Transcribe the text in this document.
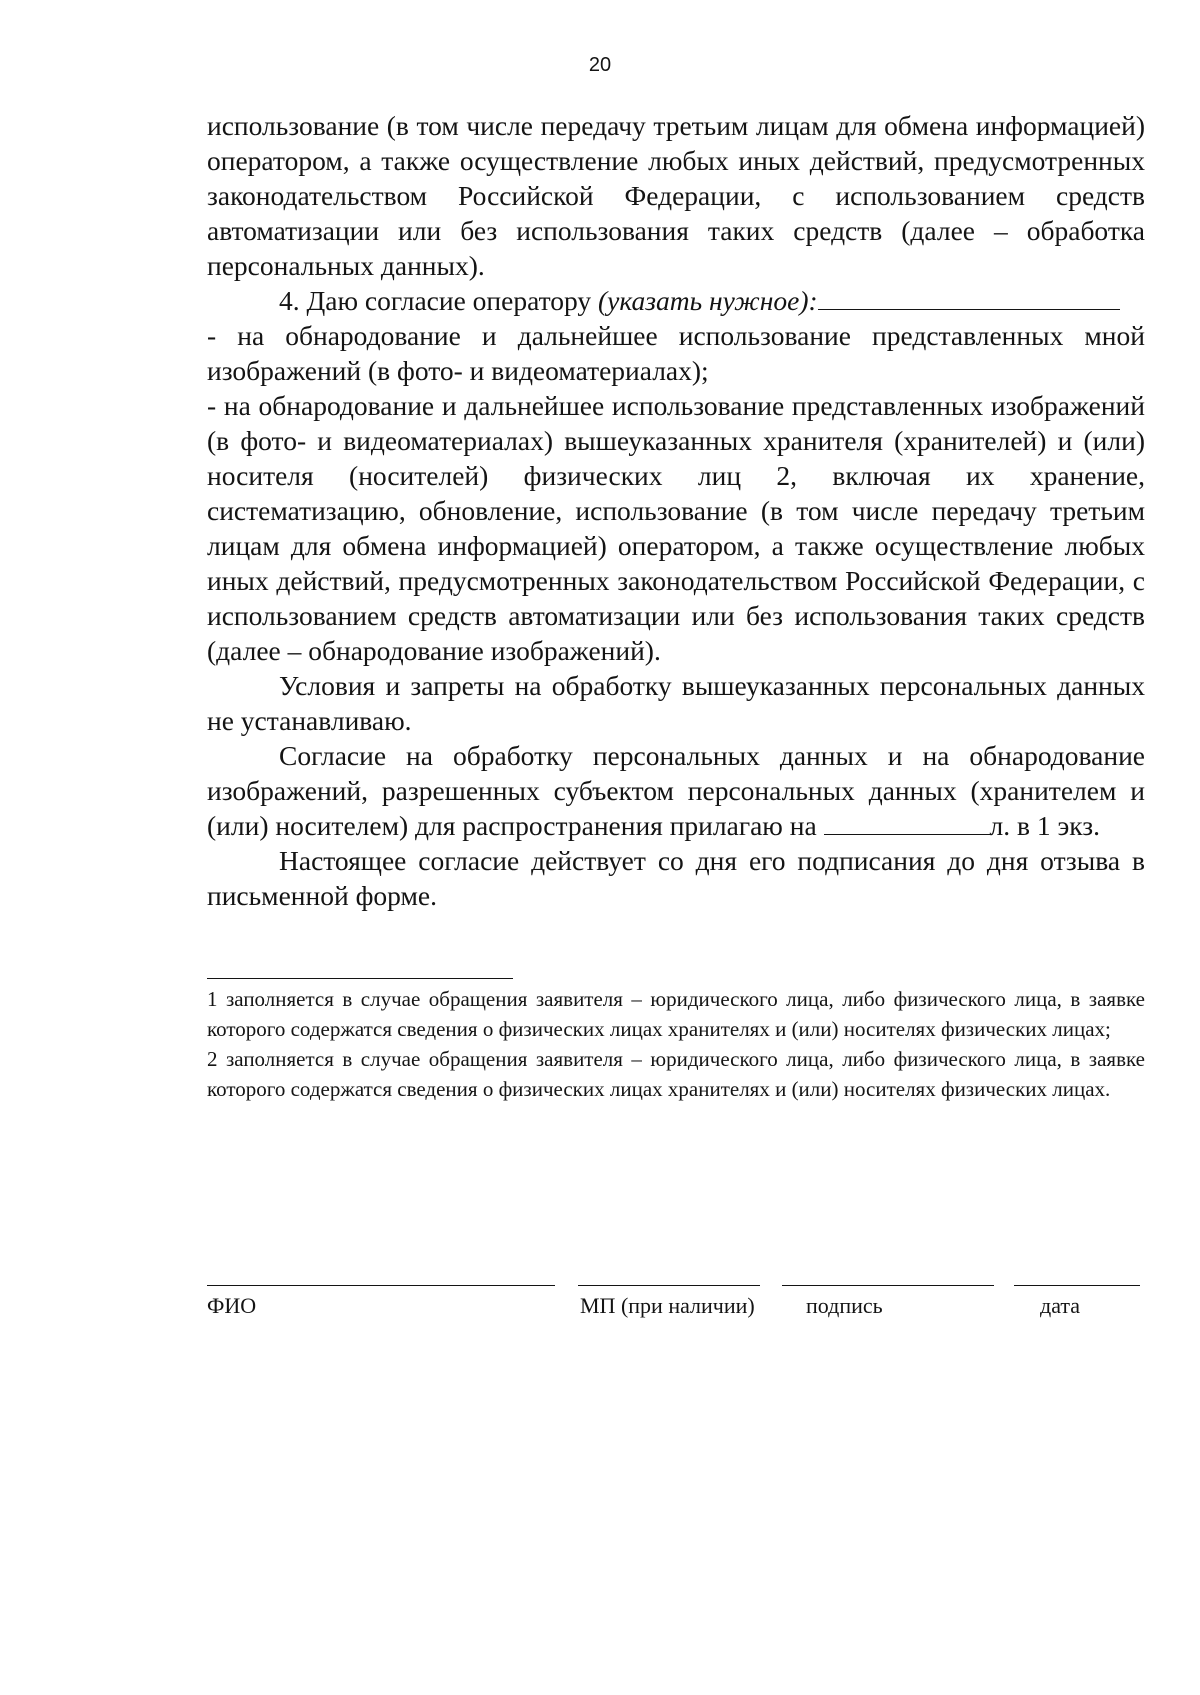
20

использование (в том числе передачу третьим лицам для обмена информацией) оператором, а также осуществление любых иных действий, предусмотренных законодательством Российской Федерации, с использованием средств автоматизации или без использования таких средств (далее – обработка персональных данных).

4. Даю согласие оператору (указать нужное):

- на обнародование и дальнейшее использование представленных мной изображений (в фото- и видеоматериалах);

- на обнародование и дальнейшее использование представленных изображений (в фото- и видеоматериалах) вышеуказанных хранителя (хранителей) и (или) носителя (носителей) физических лиц 2, включая их хранение, систематизацию, обновление, использование (в том числе передачу третьим лицам для обмена информацией) оператором, а также осуществление любых иных действий, предусмотренных законодательством Российской Федерации, с использованием средств автоматизации или без использования таких средств (далее – обнародование изображений).

Условия и запреты на обработку вышеуказанных персональных данных не устанавливаю.

Согласие на обработку персональных данных и на обнародование изображений, разрешенных субъектом персональных данных (хранителем и (или) носителем) для распространения прилагаю на	л. в 1 экз.

Настоящее согласие действует со дня его подписания до дня отзыва в письменной форме.

1 заполняется в случае обращения заявителя – юридического лица, либо физического лица, в заявке которого содержатся сведения о физических лицах хранителях и (или) носителях физических лицах;

2 заполняется в случае обращения заявителя – юридического лица, либо физического лица, в заявке которого содержатся сведения о физических лицах хранителях и (или) носителях физических лицах.

ФИО	МП (при наличии) подпись	дата
